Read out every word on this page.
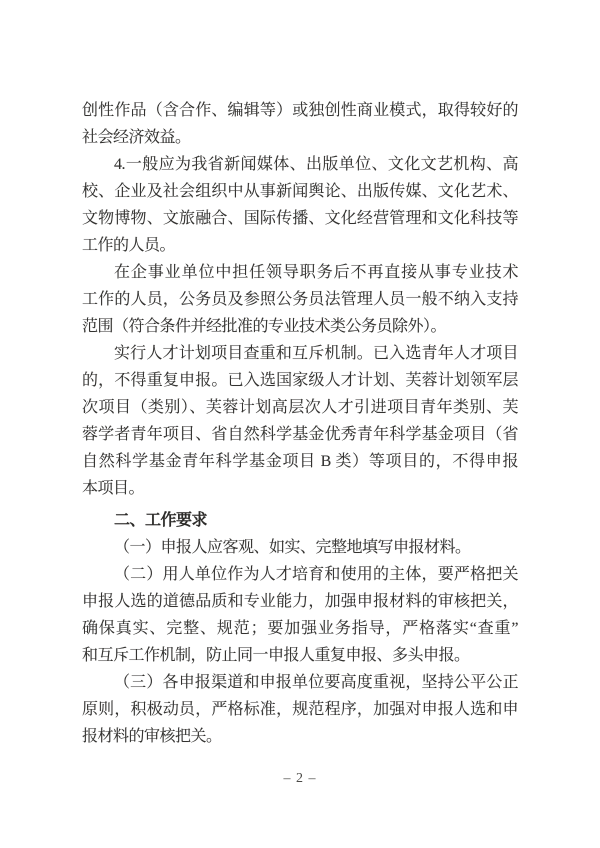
创性作品（含合作、编辑等）或独创性商业模式，取得较好的
社会经济效益。
4.一般应为我省新闻媒体、出版单位、文化文艺机构、高
校、企业及社会组织中从事新闻舆论、出版传媒、文化艺术、
文物博物、文旅融合、国际传播、文化经营管理和文化科技等
工作的人员。
在企事业单位中担任领导职务后不再直接从事专业技术
工作的人员，公务员及参照公务员法管理人员一般不纳入支持
范围（符合条件并经批准的专业技术类公务员除外）。
实行人才计划项目查重和互斥机制。已入选青年人才项目
的，不得重复申报。已入选国家级人才计划、芙蓉计划领军层
次项目（类别）、芙蓉计划高层次人才引进项目青年类别、芙
蓉学者青年项目、省自然科学基金优秀青年科学基金项目（省
自然科学基金青年科学基金项目 B 类）等项目的，不得申报
本项目。
二、工作要求
（一）申报人应客观、如实、完整地填写申报材料。
（二）用人单位作为人才培育和使用的主体，要严格把关
申报人选的道德品质和专业能力，加强申报材料的审核把关，
确保真实、完整、规范；要加强业务指导，严格落实“查重”
和互斥工作机制，防止同一申报人重复申报、多头申报。
（三）各申报渠道和申报单位要高度重视，坚持公平公正
原则，积极动员，严格标准，规范程序，加强对申报人选和申
报材料的审核把关。
– 2 –
